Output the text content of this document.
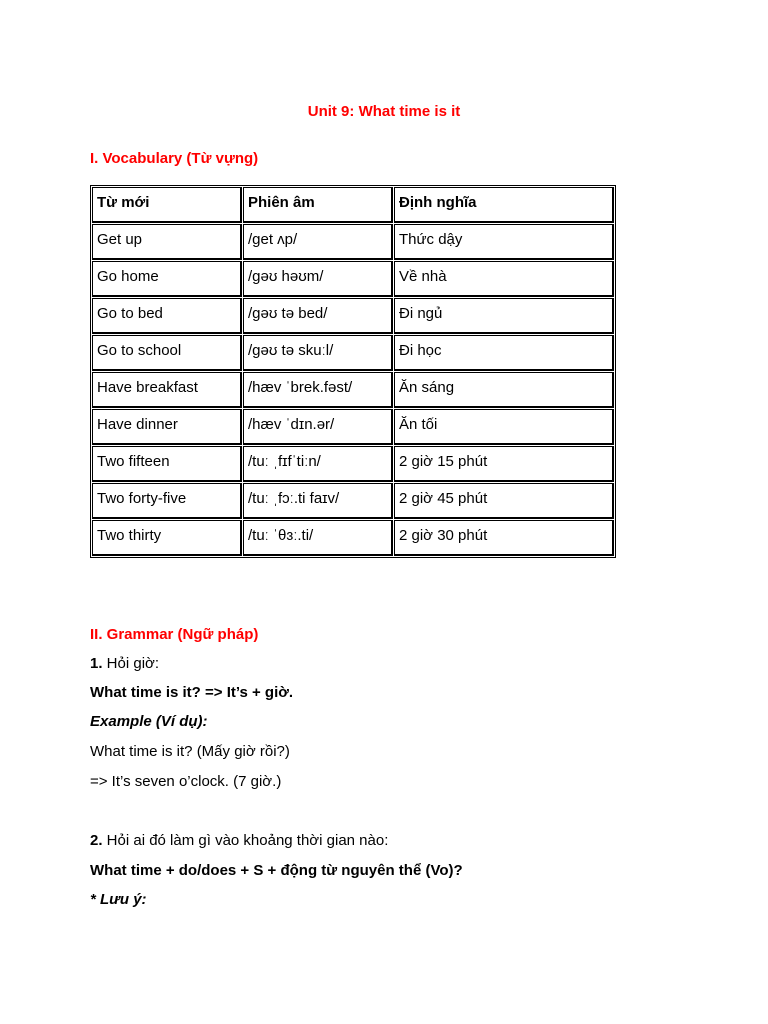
Unit 9: What time is it
I. Vocabulary (Từ vựng)
Từ mới	Phiên âm	Định nghĩa
Get up	/get ʌp/	Thức dậy
Go home	/gəʊ həʊm/	Về nhà
Go to bed	/gəʊ tə bed/	Đi ngủ
Go to school	/gəʊ tə skuːl/	Đi học
Have breakfast	/hæv ˈbrek.fəst/	Ăn sáng
Have dinner	/hæv ˈdɪn.ər/	Ăn tối
Two fifteen	/tuː ˌfɪfˈtiːn/	2 giờ 15 phút
Two forty-five	/tuː ˌfɔː.ti faɪv/	2 giờ 45 phút
Two thirty	/tuː ˈθɜː.ti/	2 giờ 30 phút
II. Grammar (Ngữ pháp)
1. Hỏi giờ:
What time is it? => It’s + giờ.
Example (Ví dụ):
What time is it? (Mấy giờ rồi?)
=> It’s seven o’clock. (7 giờ.)
2. Hỏi ai đó làm gì vào khoảng thời gian nào:
What time + do/does + S + động từ nguyên thể (Vo)?
* Lưu ý:
